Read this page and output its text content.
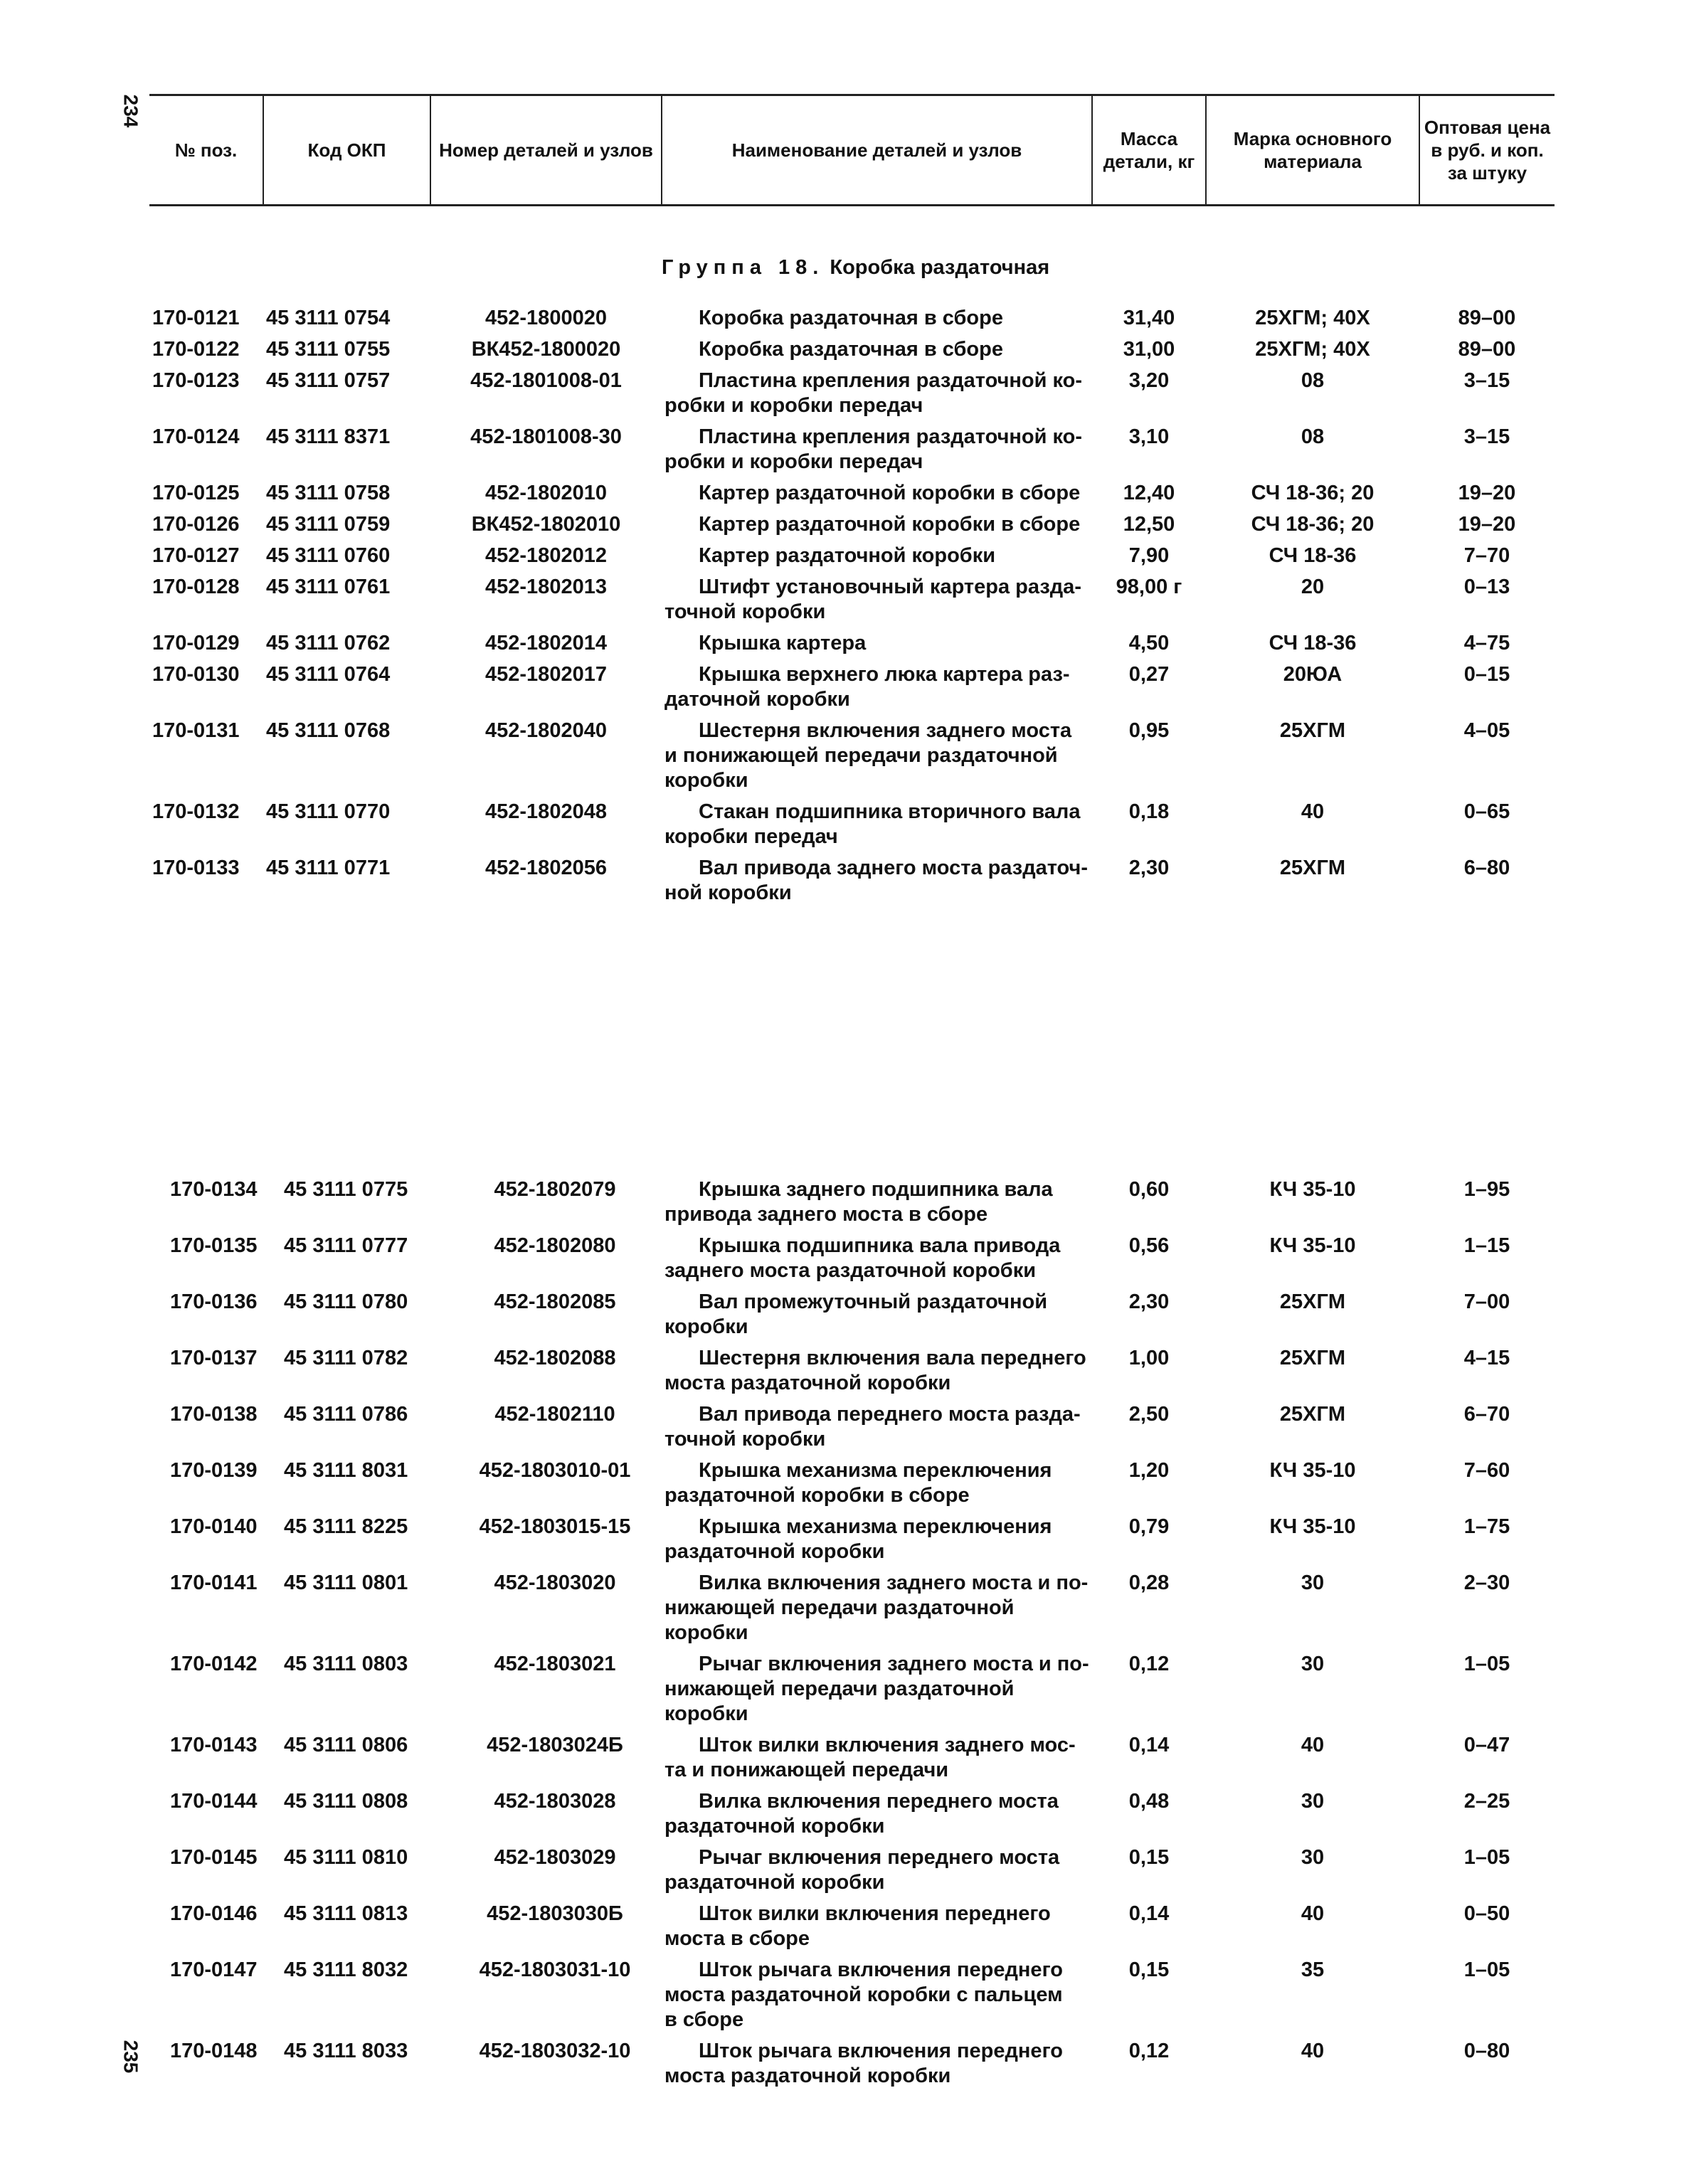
234
235
№ поз.	Код ОКП	Номер деталей и узлов	Наименование деталей и узлов	Масса детали, кг	Марка основного материала	Оптовая цена в руб. и коп. за штуку
Группа 18. Коробка раздаточная
170-0121	45 3111 0754	452-1800020	Коробка раздаточная в сборе	31,40	25ХГМ; 40Х	89–00
170-0122	45 3111 0755	ВК452-1800020	Коробка раздаточная в сборе	31,00	25ХГМ; 40Х	89–00
170-0123	45 3111 0757	452-1801008-01	Пластина крепления раздаточной ко-
робки и коробки передач	3,20	08	3–15
170-0124	45 3111 8371	452-1801008-30	Пластина крепления раздаточной ко-
робки и коробки передач	3,10	08	3–15
170-0125	45 3111 0758	452-1802010	Картер раздаточной коробки в сборе	12,40	СЧ 18-36; 20	19–20
170-0126	45 3111 0759	ВК452-1802010	Картер раздаточной коробки в сборе	12,50	СЧ 18-36; 20	19–20
170-0127	45 3111 0760	452-1802012	Картер раздаточной коробки	7,90	СЧ 18-36	7–70
170-0128	45 3111 0761	452-1802013	Штифт установочный картера разда-
точной коробки	98,00 г	20	0–13
170-0129	45 3111 0762	452-1802014	Крышка картера	4,50	СЧ 18-36	4–75
170-0130	45 3111 0764	452-1802017	Крышка верхнего люка картера раз-
даточной коробки	0,27	20ЮА	0–15
170-0131	45 3111 0768	452-1802040	Шестерня включения заднего моста
и понижающей передачи раздаточной
коробки	0,95	25ХГМ	4–05
170-0132	45 3111 0770	452-1802048	Стакан подшипника вторичного вала
коробки передач	0,18	40	0–65
170-0133	45 3111 0771	452-1802056	Вал привода заднего моста раздаточ-
ной коробки	2,30	25ХГМ	6–80
170-0134	45 3111 0775	452-1802079	Крышка заднего подшипника вала
привода заднего моста в сборе	0,60	КЧ 35-10	1–95
170-0135	45 3111 0777	452-1802080	Крышка подшипника вала привода
заднего моста раздаточной коробки	0,56	КЧ 35-10	1–15
170-0136	45 3111 0780	452-1802085	Вал промежуточный раздаточной
коробки	2,30	25ХГМ	7–00
170-0137	45 3111 0782	452-1802088	Шестерня включения вала переднего
моста раздаточной коробки	1,00	25ХГМ	4–15
170-0138	45 3111 0786	452-1802110	Вал привода переднего моста разда-
точной коробки	2,50	25ХГМ	6–70
170-0139	45 3111 8031	452-1803010-01	Крышка механизма переключения
раздаточной коробки в сборе	1,20	КЧ 35-10	7–60
170-0140	45 3111 8225	452-1803015-15	Крышка механизма переключения
раздаточной коробки	0,79	КЧ 35-10	1–75
170-0141	45 3111 0801	452-1803020	Вилка включения заднего моста и по-
нижающей передачи раздаточной коробки	0,28	30	2–30
170-0142	45 3111 0803	452-1803021	Рычаг включения заднего моста и по-
нижающей передачи раздаточной коробки	0,12	30	1–05
170-0143	45 3111 0806	452-1803024Б	Шток вилки включения заднего мос-
та и понижающей передачи	0,14	40	0–47
170-0144	45 3111 0808	452-1803028	Вилка включения переднего моста
раздаточной коробки	0,48	30	2–25
170-0145	45 3111 0810	452-1803029	Рычаг включения переднего моста
раздаточной коробки	0,15	30	1–05
170-0146	45 3111 0813	452-1803030Б	Шток вилки включения переднего
моста в сборе	0,14	40	0–50
170-0147	45 3111 8032	452-1803031-10	Шток рычага включения переднего
моста раздаточной коробки с пальцем
в сборе	0,15	35	1–05
170-0148	45 3111 8033	452-1803032-10	Шток рычага включения переднего
моста раздаточной коробки	0,12	40	0–80
